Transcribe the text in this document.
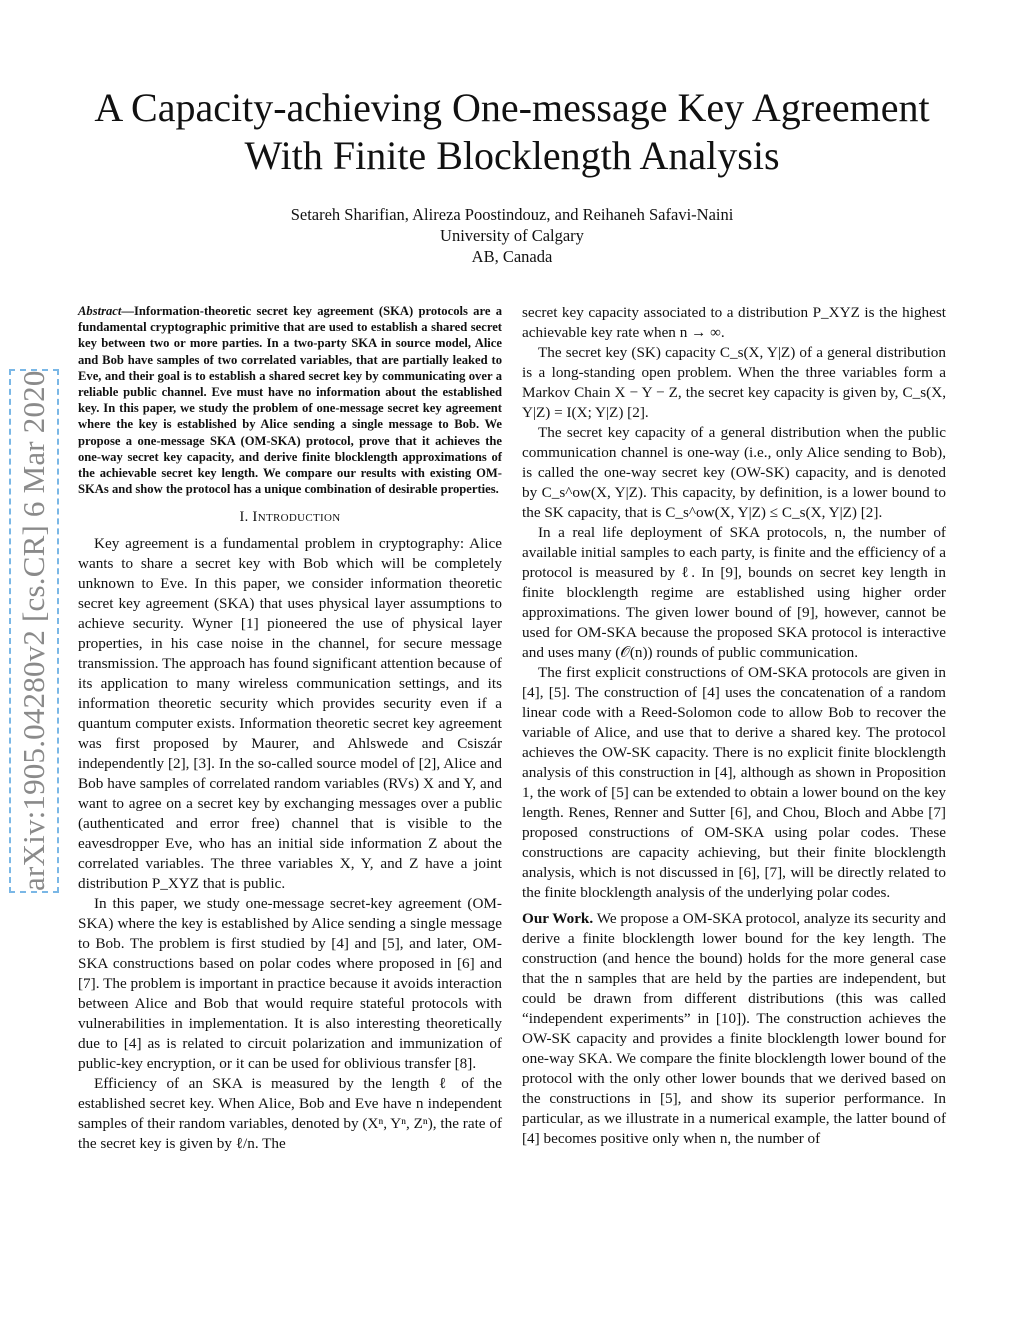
arXiv:1905.04280v2 [cs.CR] 6 Mar 2020
A Capacity-achieving One-message Key Agreement
With Finite Blocklength Analysis
Setareh Sharifian, Alireza Poostindouz, and Reihaneh Safavi-Naini
University of Calgary
AB, Canada
Abstract—Information-theoretic secret key agreement (SKA) protocols are a fundamental cryptographic primitive that are used to establish a shared secret key between two or more parties. In a two-party SKA in source model, Alice and Bob have samples of two correlated variables, that are partially leaked to Eve, and their goal is to establish a shared secret key by communicating over a reliable public channel. Eve must have no information about the established key. In this paper, we study the problem of one-message secret key agreement where the key is established by Alice sending a single message to Bob. We propose a one-message SKA (OM-SKA) protocol, prove that it achieves the one-way secret key capacity, and derive finite blocklength approximations of the achievable secret key length. We compare our results with existing OM-SKAs and show the protocol has a unique combination of desirable properties.
I. Introduction

Key agreement is a fundamental problem in cryptography: Alice wants to share a secret key with Bob which will be completely unknown to Eve. In this paper, we consider information theoretic secret key agreement (SKA) that uses physical layer assumptions to achieve security. Wyner [1] pioneered the use of physical layer properties, in his case noise in the channel, for secure message transmission. The approach has found significant attention because of its application to many wireless communication settings, and its information theoretic security which provides security even if a quantum computer exists. Information theoretic secret key agreement was first proposed by Maurer, and Ahlswede and Csiszár independently [2], [3]. In the so-called source model of [2], Alice and Bob have samples of correlated random variables (RVs) X and Y, and want to agree on a secret key by exchanging messages over a public (authenticated and error free) channel that is visible to the eavesdropper Eve, who has an initial side information Z about the correlated variables. The three variables X, Y, and Z have a joint distribution P_XYZ that is public.

In this paper, we study one-message secret-key agreement (OM-SKA) where the key is established by Alice sending a single message to Bob. The problem is first studied by [4] and [5], and later, OM-SKA constructions based on polar codes where proposed in [6] and [7]. The problem is important in practice because it avoids interaction between Alice and Bob that would require stateful protocols with vulnerabilities in implementation. It is also interesting theoretically due to [4] as is related to circuit polarization and immunization of public-key encryption, or it can be used for oblivious transfer [8].

Efficiency of an SKA is measured by the length ℓ of the established secret key. When Alice, Bob and Eve have n independent samples of their random variables, denoted by (Xⁿ, Yⁿ, Zⁿ), the rate of the secret key is given by ℓ/n. The

secret key capacity associated to a distribution P_XYZ is the highest achievable key rate when n → ∞.

The secret key (SK) capacity C_s(X, Y|Z) of a general distribution is a long-standing open problem. When the three variables form a Markov Chain X − Y − Z, the secret key capacity is given by, C_s(X, Y|Z) = I(X; Y|Z) [2].

The secret key capacity of a general distribution when the public communication channel is one-way (i.e., only Alice sending to Bob), is called the one-way secret key (OW-SK) capacity, and is denoted by C_s^ow(X, Y|Z). This capacity, by definition, is a lower bound to the SK capacity, that is C_s^ow(X, Y|Z) ≤ C_s(X, Y|Z) [2].

In a real life deployment of SKA protocols, n, the number of available initial samples to each party, is finite and the efficiency of a protocol is measured by ℓ. In [9], bounds on secret key length in finite blocklength regime are established using higher order approximations. The given lower bound of [9], however, cannot be used for OM-SKA because the proposed SKA protocol is interactive and uses many (𝒪(n)) rounds of public communication.

The first explicit constructions of OM-SKA protocols are given in [4], [5]. The construction of [4] uses the concatenation of a random linear code with a Reed-Solomon code to allow Bob to recover the variable of Alice, and use that to derive a shared key. The protocol achieves the OW-SK capacity. There is no explicit finite blocklength analysis of this construction in [4], although as shown in Proposition 1, the work of [5] can be extended to obtain a lower bound on the key length. Renes, Renner and Sutter [6], and Chou, Bloch and Abbe [7] proposed constructions of OM-SKA using polar codes. These constructions are capacity achieving, but their finite blocklength analysis, which is not discussed in [6], [7], will be directly related to the finite blocklength analysis of the underlying polar codes.

Our Work. We propose a OM-SKA protocol, analyze its security and derive a finite blocklength lower bound for the key length. The construction (and hence the bound) holds for the more general case that the n samples that are held by the parties are independent, but could be drawn from different distributions (this was called “independent experiments” in [10]). The construction achieves the OW-SK capacity and provides a finite blocklength lower bound for one-way SKA. We compare the finite blocklength lower bound of the protocol with the only other lower bounds that we derived based on the constructions in [5], and show its superior performance. In particular, as we illustrate in a numerical example, the latter bound of [4] becomes positive only when n, the number of
